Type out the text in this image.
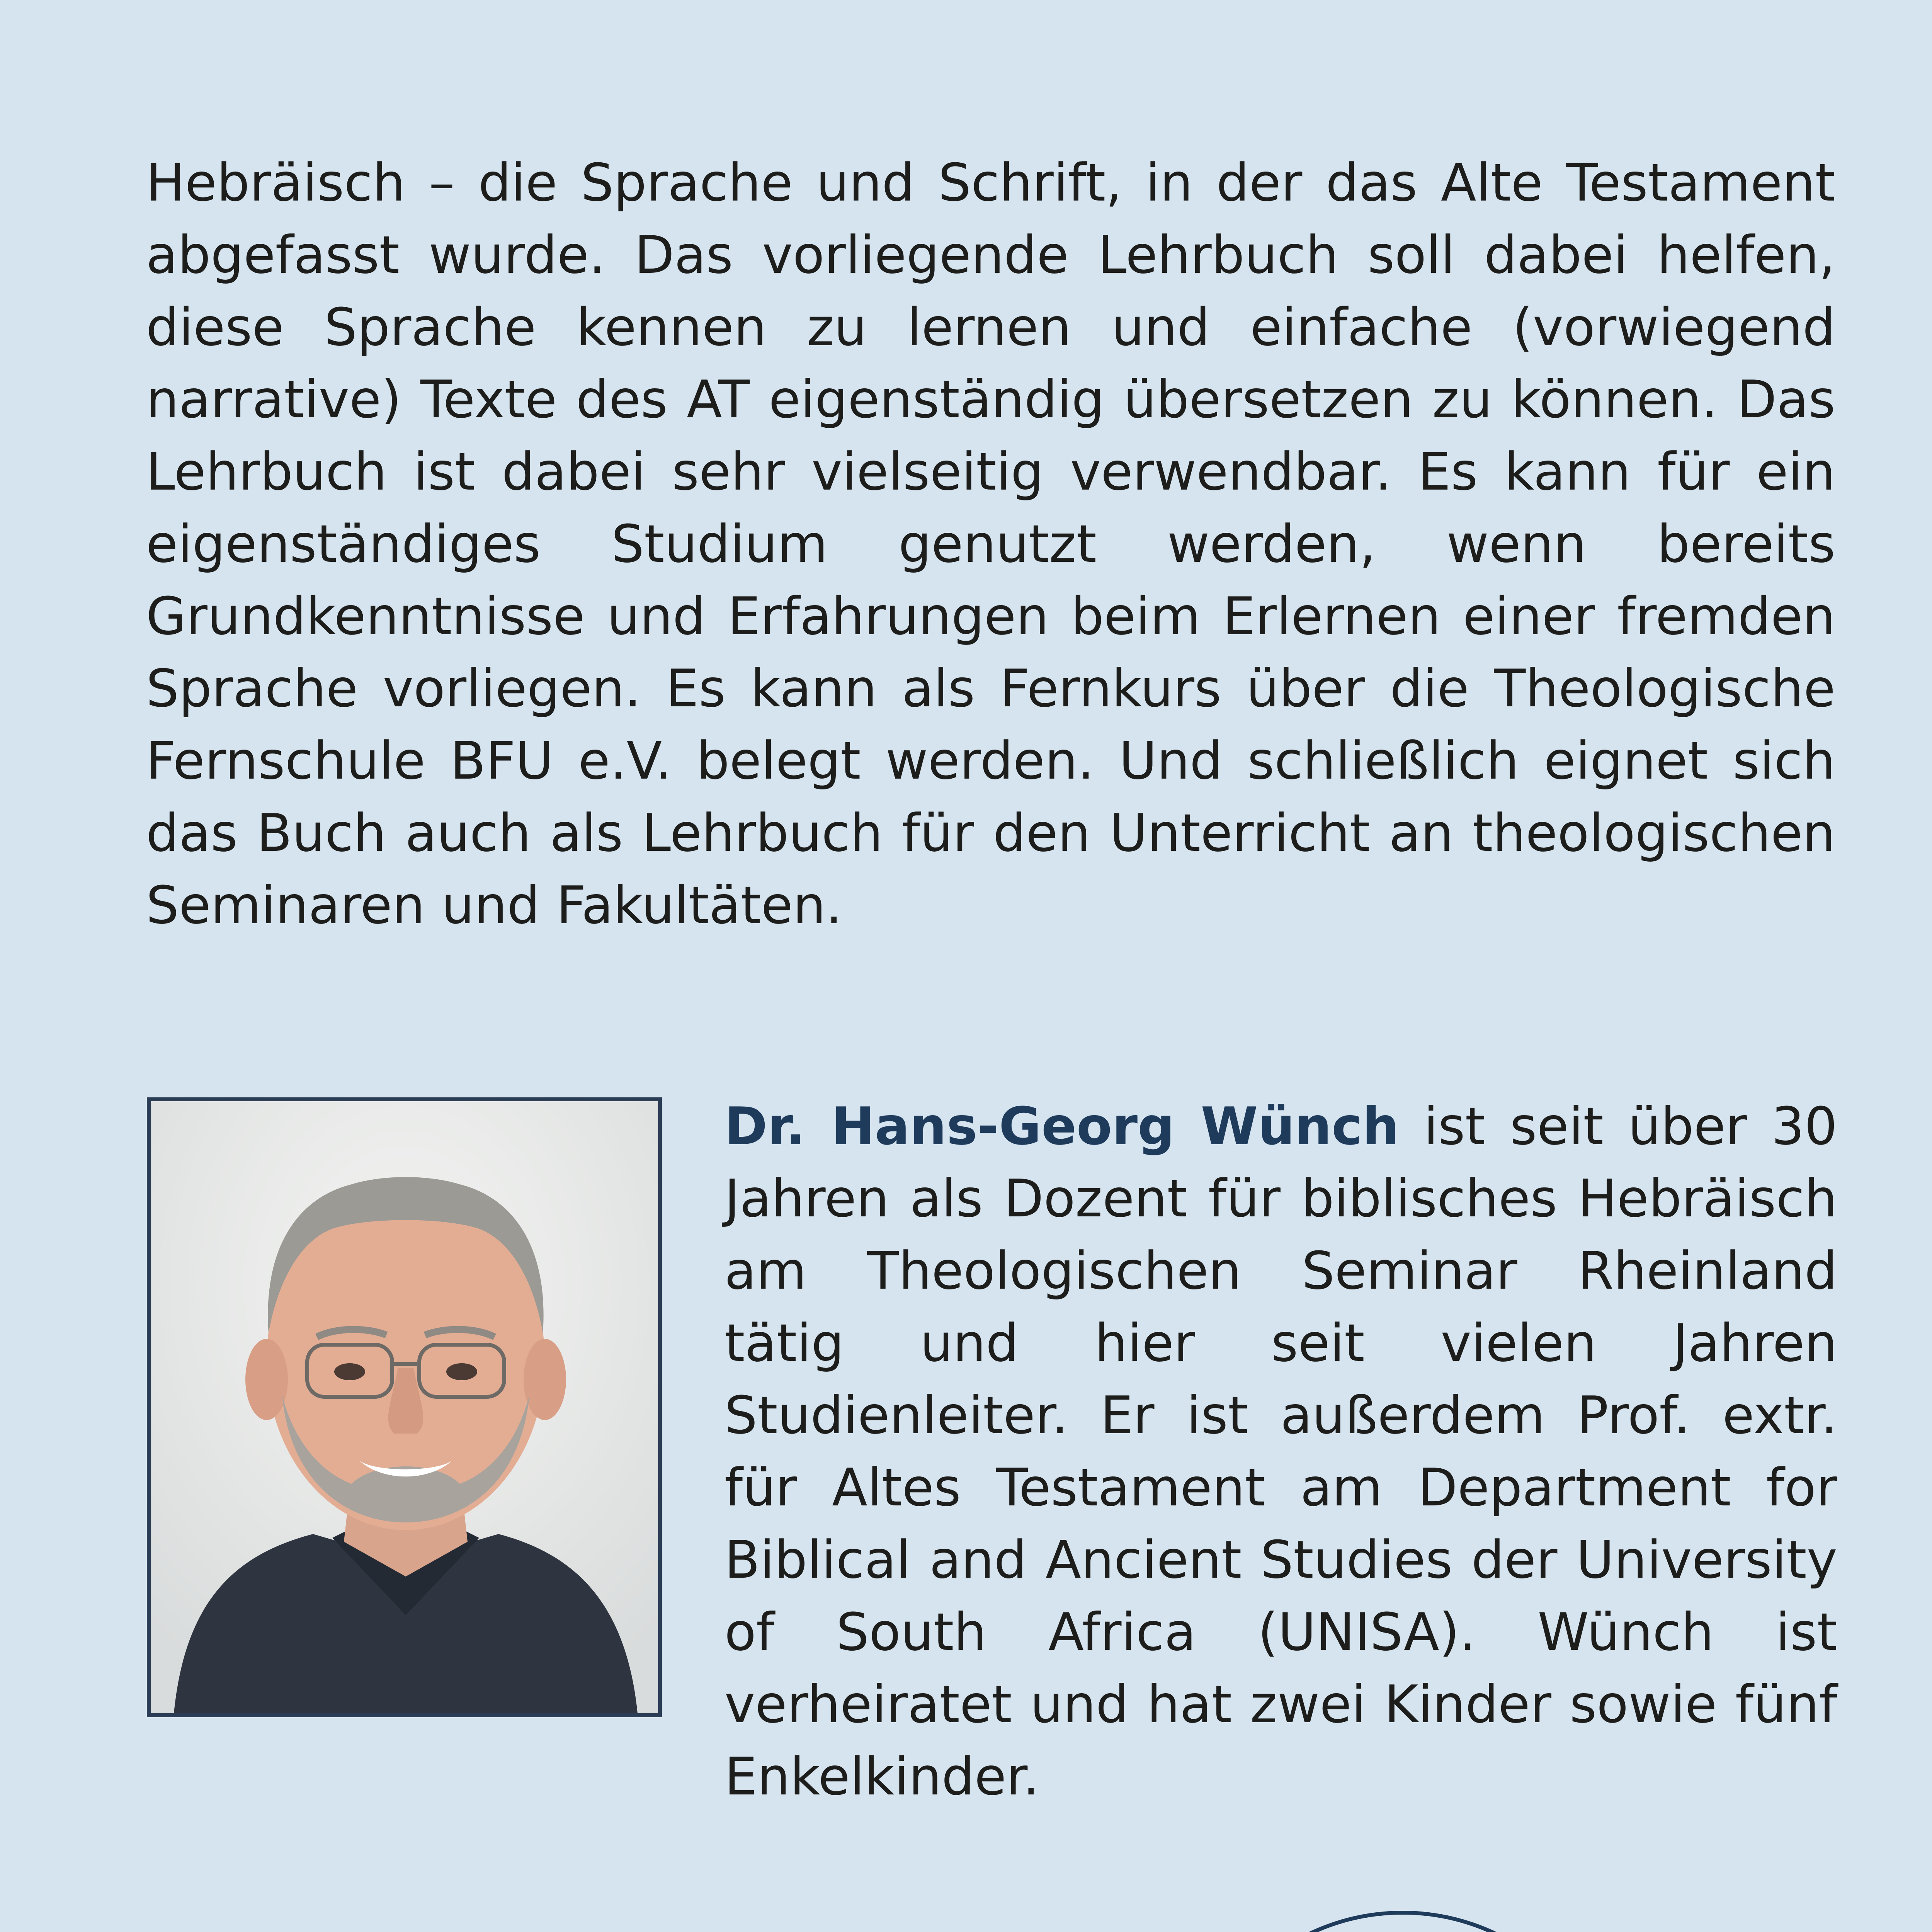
Hebräisch – die Sprache und Schrift, in der das Alte Testament abgefasst wurde. Das vorliegende Lehrbuch soll dabei helfen, diese Sprache kennen zu lernen und einfache (vorwiegend narrative) Texte des AT eigenständig übersetzen zu können. Das Lehrbuch ist dabei sehr vielseitig verwendbar. Es kann für ein eigenständiges Studium genutzt werden, wenn bereits Grundkenntnisse und Erfahrungen beim Erlernen einer fremden Sprache vorliegen. Es kann als Fernkurs über die Theologische Fernschule BFU e.V. belegt werden. Und schließlich eignet sich das Buch auch als Lehrbuch für den Unterricht an theologischen Seminaren und Fakultäten.

Dr. Hans-Georg Wünch ist seit über 30 Jahren als Dozent für biblisches Hebräisch am Theologischen Seminar Rheinland tätig und hier seit vielen Jahren Studienleiter. Er ist außerdem Prof. extr. für Altes Testament am Department for Biblical and Ancient Studies der University of South Africa (UNISA). Wünch ist verheiratet und hat zwei Kinder sowie fünf Enkelkinder.
